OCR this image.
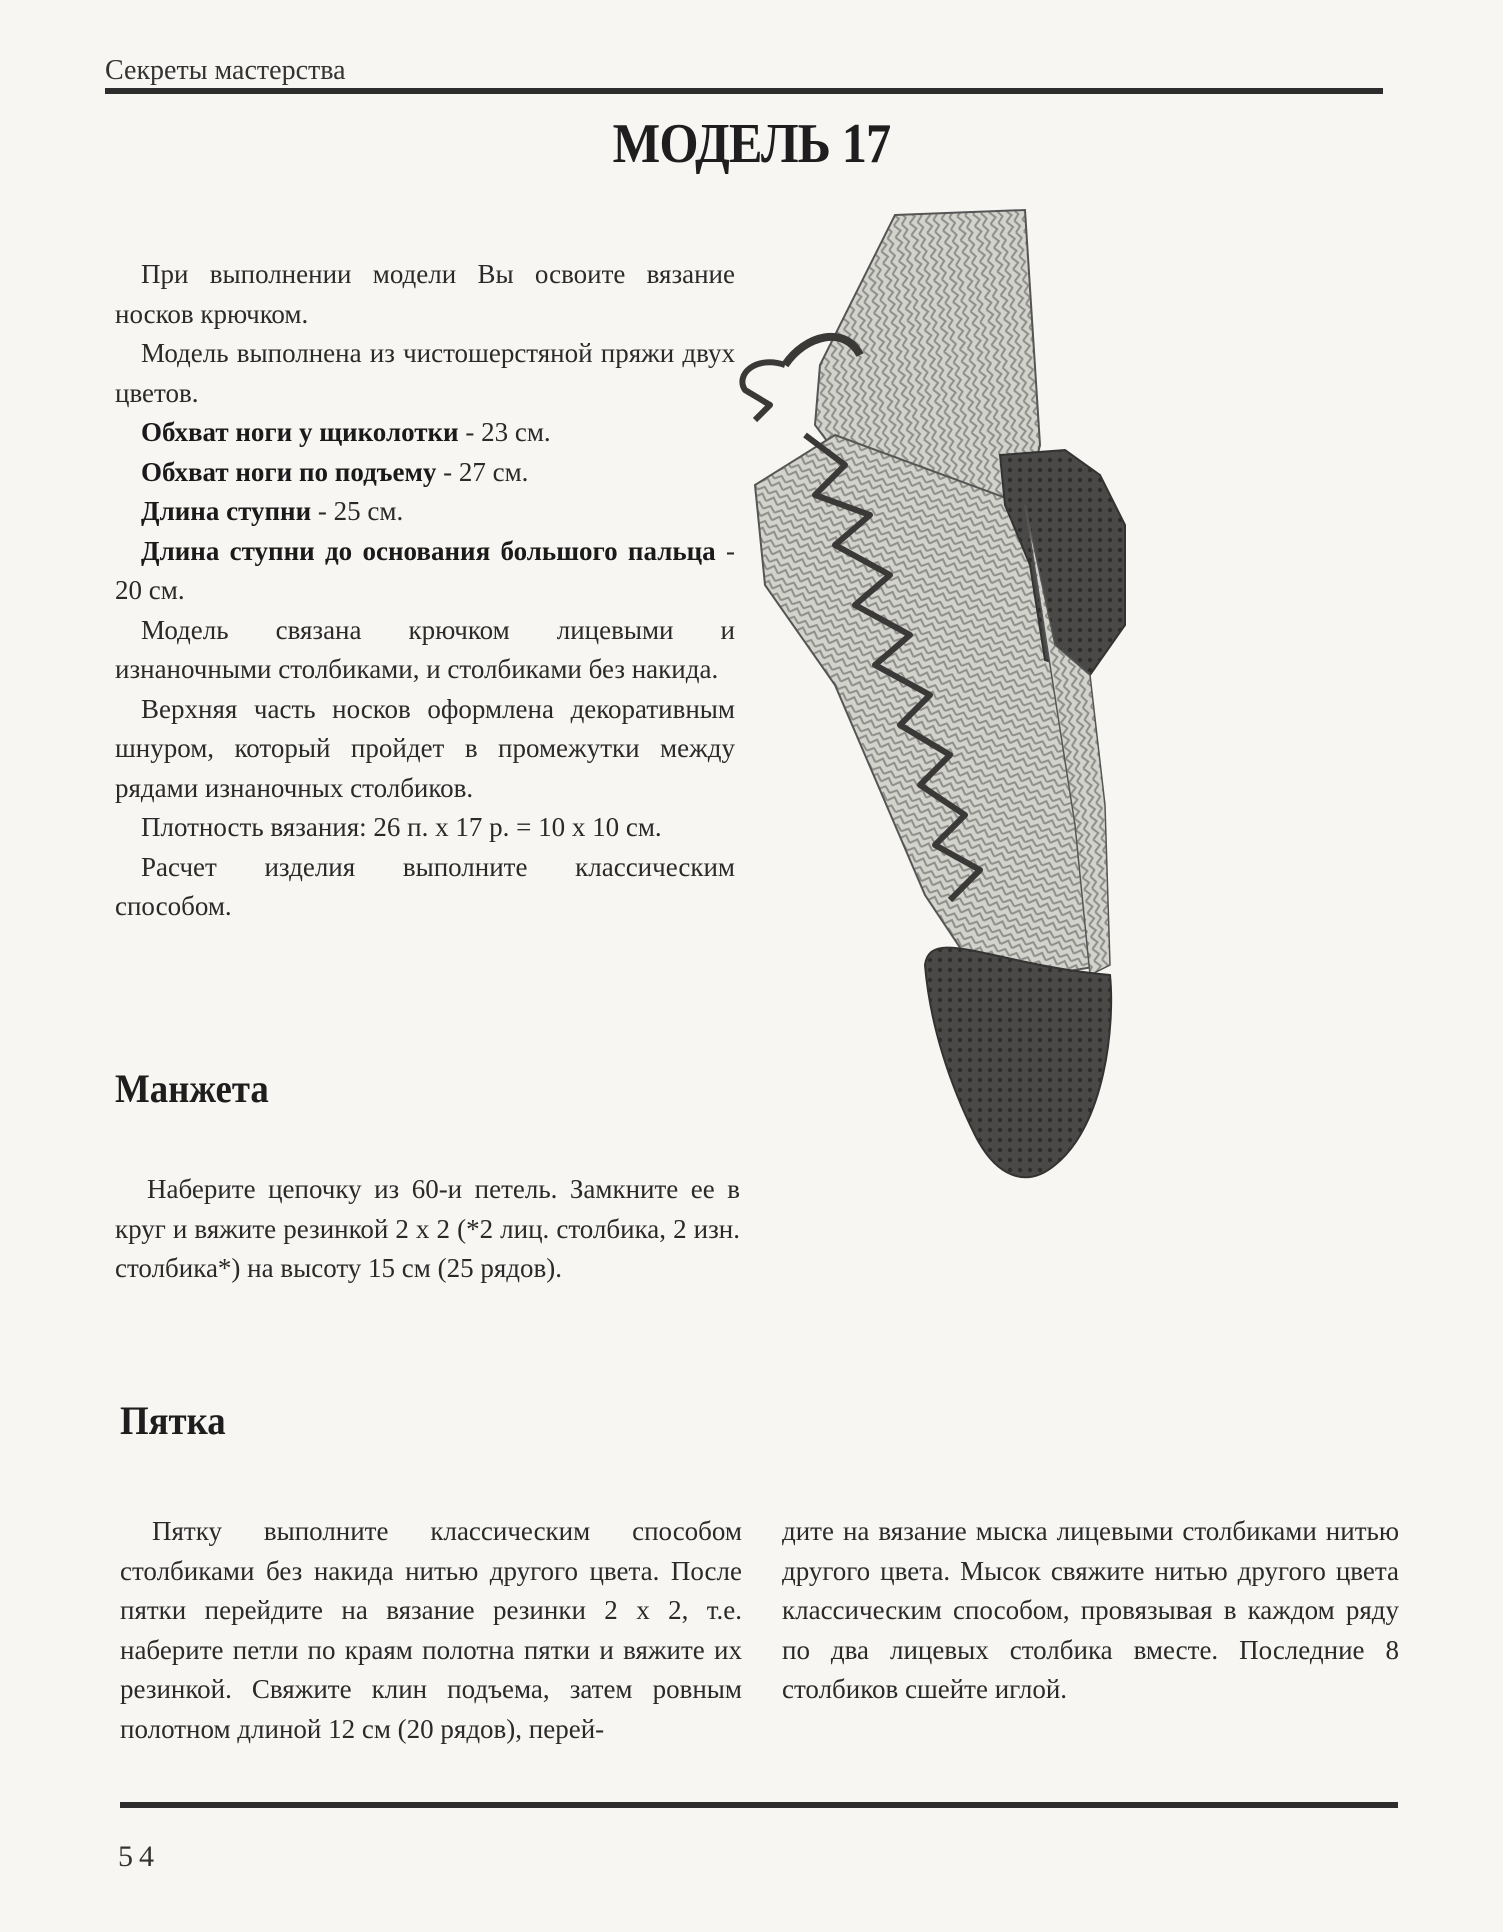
Секреты мастерства
МОДЕЛЬ 17

При выполнении модели Вы освоите вязание носков крючком.

Модель выполнена из чистошерстяной пряжи двух цветов.

Обхват ноги у щиколотки - 23 см.

Обхват ноги по подъему - 27 см.

Длина ступни - 25 см.

Длина ступни до основания большого пальца - 20 см.

Модель связана крючком лицевыми и изнаночными столбиками, и столбиками без накида.

Верхняя часть носков оформлена декоративным шнуром, который пройдет в промежутки между рядами изнаночных столбиков.

Плотность вязания: 26 п. х 17 р. = 10 х 10 см.

Расчет изделия выполните классическим способом.

Манжета

Наберите цепочку из 60-и петель. Замкните ее в круг и вяжите резинкой 2 х 2 (*2 лиц. столбика, 2 изн. столбика*) на высоту 15 см (25 рядов).

Пятка

Пятку выполните классическим способом столбиками без накида нитью другого цвета. После пятки перейдите на вязание резинки 2 х 2, т.е. наберите петли по краям полотна пятки и вяжите их резинкой. Свяжите клин подъема, затем ровным полотном длиной 12 см (20 рядов), перей-

дите на вязание мыска лицевыми столбиками нитью другого цвета. Мысок свяжите нитью другого цвета классическим способом, провязывая в каждом ряду по два лицевых столбика вместе. Последние 8 столбиков сшейте иглой.

54
